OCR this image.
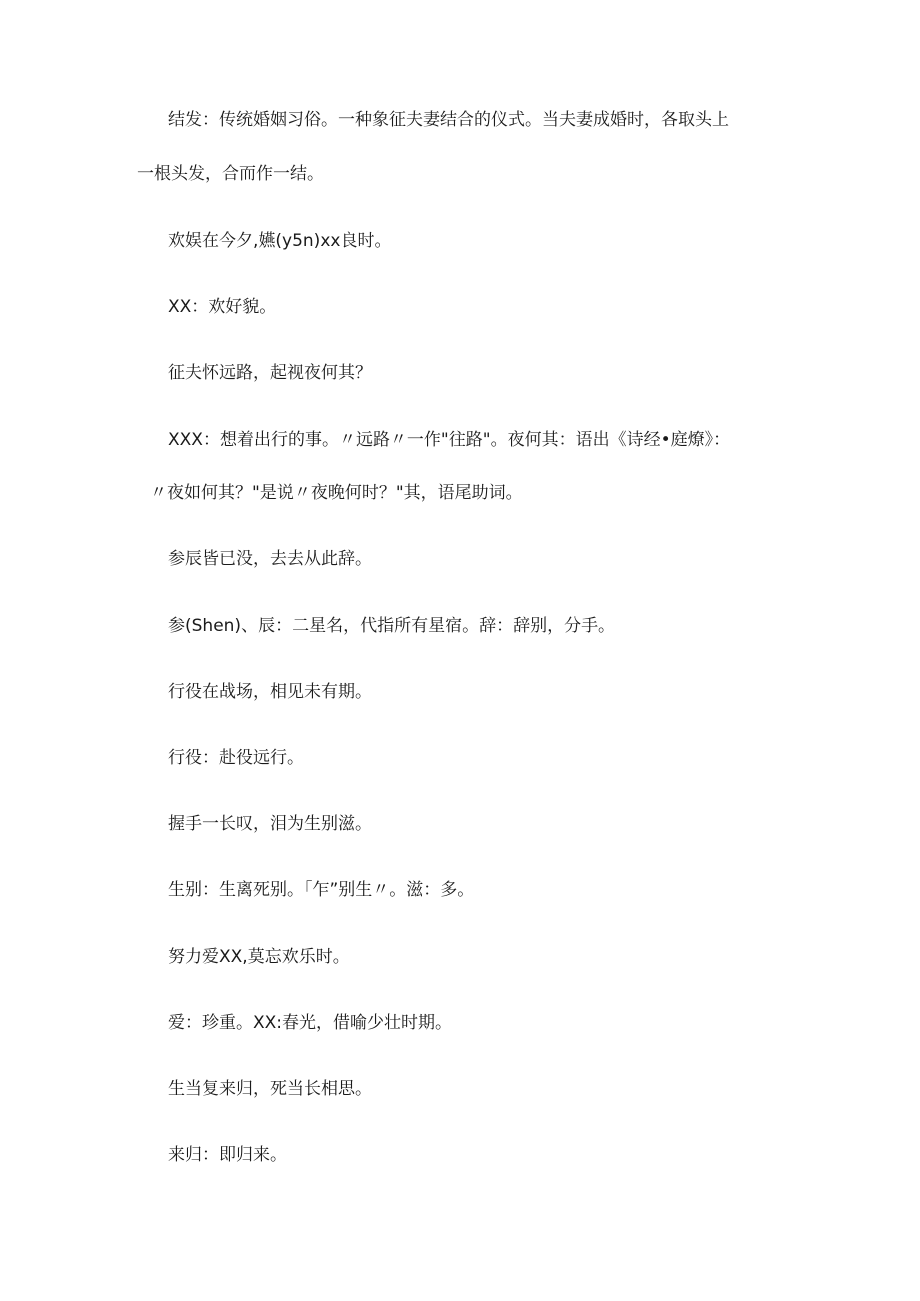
结发：传统婚姻习俗。一种象征夫妻结合的仪式。当夫妻成婚时，各取头上

一根头发，合而作一结。

欢娱在今夕,嬿(y5n)xx良时。

XX：欢好貌。

征夫怀远路，起视夜何其？

XXX：想着出行的事。〃远路〃一作"往路"。夜何其：语出《诗经•庭燎》：

〃夜如何其？"是说〃夜晚何时？"其，语尾助词。

参辰皆已没，去去从此辞。

参(Shen)、辰：二星名，代指所有星宿。辞：辞别，分手。

行役在战场，相见未有期。

行役：赴役远行。

握手一长叹，泪为生别滋。

生别：生离死别。「乍”别生〃。滋：多。

努力爱XX,莫忘欢乐时。

爱：珍重。XX:春光，借喻少壮时期。

生当复来归，死当长相思。

来归：即归来。
